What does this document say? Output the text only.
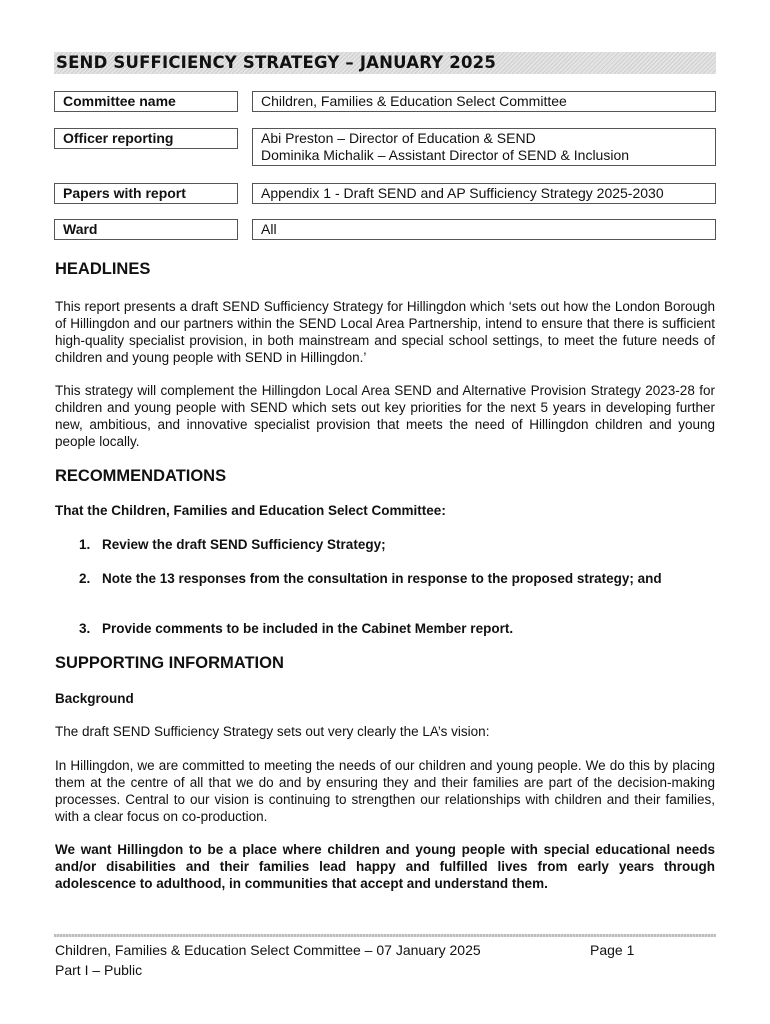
SEND SUFFICIENCY STRATEGY – JANUARY 2025
Committee name	Children, Families & Education Select Committee
Officer reporting	Abi Preston – Director of Education & SEND
Dominika Michalik – Assistant Director of SEND & Inclusion
Papers with report	Appendix 1 - Draft SEND and AP Sufficiency Strategy 2025-2030
Ward	All
HEADLINES

This report presents a draft SEND Sufficiency Strategy for Hillingdon which ‘sets out how the London Borough of Hillingdon and our partners within the SEND Local Area Partnership, intend to ensure that there is sufficient high-quality specialist provision, in both mainstream and special school settings, to meet the future needs of children and young people with SEND in Hillingdon.’

This strategy will complement the Hillingdon Local Area SEND and Alternative Provision Strategy 2023-28 for children and young people with SEND which sets out key priorities for the next 5 years in developing further new, ambitious, and innovative specialist provision that meets the need of Hillingdon children and young people locally.

RECOMMENDATIONS

That the Children, Families and Education Select Committee:

1. Review the draft SEND Sufficiency Strategy;
2. Note the 13 responses from the consultation in response to the proposed strategy; and
3. Provide comments to be included in the Cabinet Member report.
SUPPORTING INFORMATION

Background

The draft SEND Sufficiency Strategy sets out very clearly the LA’s vision:

In Hillingdon, we are committed to meeting the needs of our children and young people. We do this by placing them at the centre of all that we do and by ensuring they and their families are part of the decision-making processes. Central to our vision is continuing to strengthen our relationships with children and their families, with a clear focus on co-production.

We want Hillingdon to be a place where children and young people with special educational needs and/or disabilities and their families lead happy and fulfilled lives from early years through adolescence to adulthood, in communities that accept and understand them.

Children, Families & Education Select Committee – 07 January 2025	Page 1
Part I – Public
